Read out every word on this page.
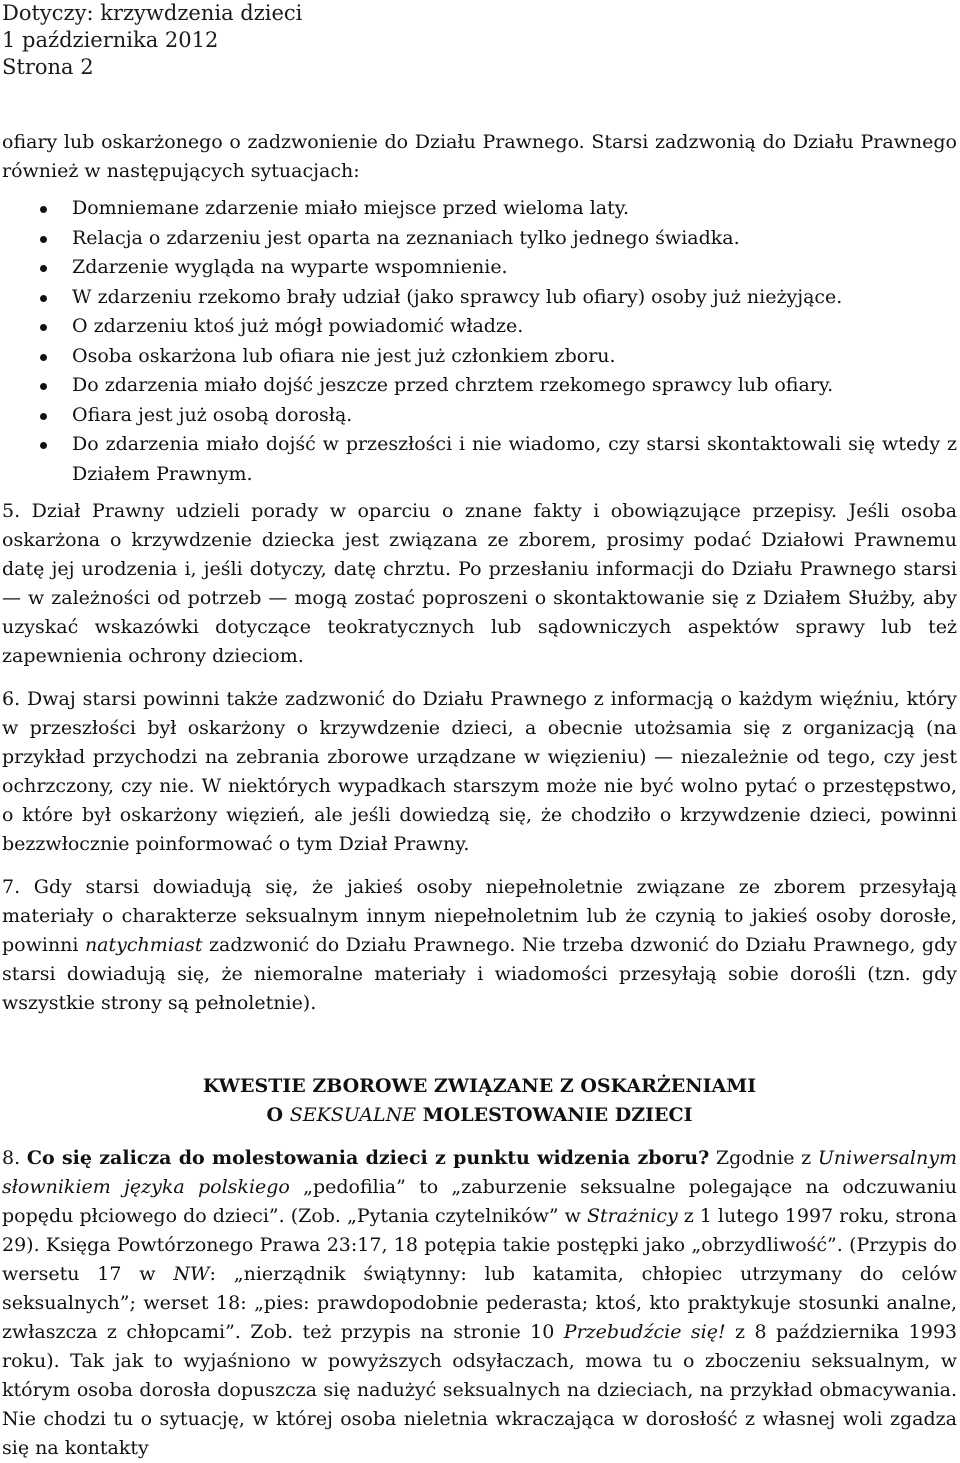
Dotyczy: krzywdzenia dzieci
1 października 2012
Strona 2

ofiary lub oskarżonego o zadzwonienie do Działu Prawnego. Starsi zadzwonią do Działu Prawnego również w następujących sytuacjach:

Domniemane zdarzenie miało miejsce przed wieloma laty.
Relacja o zdarzeniu jest oparta na zeznaniach tylko jednego świadka.
Zdarzenie wygląda na wyparte wspomnienie.
W zdarzeniu rzekomo brały udział (jako sprawcy lub ofiary) osoby już nieżyjące.
O zdarzeniu ktoś już mógł powiadomić władze.
Osoba oskarżona lub ofiara nie jest już członkiem zboru.
Do zdarzenia miało dojść jeszcze przed chrztem rzekomego sprawcy lub ofiary.
Ofiara jest już osobą dorosłą.
Do zdarzenia miało dojść w przeszłości i nie wiadomo, czy starsi skontaktowali się wtedy z Działem Prawnym.

5. Dział Prawny udzieli porady w oparciu o znane fakty i obowiązujące przepisy. Jeśli osoba oskarżona o krzywdzenie dziecka jest związana ze zborem, prosimy podać Działowi Prawnemu datę jej urodzenia i, jeśli dotyczy, datę chrztu. Po przesłaniu informacji do Działu Prawnego starsi — w zależności od potrzeb — mogą zostać poproszeni o skontaktowanie się z Działem Służby, aby uzyskać wskazówki dotyczące teokratycznych lub sądowniczych aspektów sprawy lub też zapewnienia ochrony dzieciom.

6. Dwaj starsi powinni także zadzwonić do Działu Prawnego z informacją o każdym więźniu, który w przeszłości był oskarżony o krzywdzenie dzieci, a obecnie utożsamia się z organizacją (na przykład przychodzi na zebrania zborowe urządzane w więzieniu) — niezależnie od tego, czy jest ochrzczony, czy nie. W niektórych wypadkach starszym może nie być wolno pytać o przestępstwo, o które był oskarżony więzień, ale jeśli dowiedzą się, że chodziło o krzywdzenie dzieci, powinni bezzwłocznie poinformować o tym Dział Prawny.

7. Gdy starsi dowiadują się, że jakieś osoby niepełnoletnie związane ze zborem przesyłają materiały o charakterze seksualnym innym niepełnoletnim lub że czynią to jakieś osoby dorosłe, powinni natychmiast zadzwonić do Działu Prawnego. Nie trzeba dzwonić do Działu Prawnego, gdy starsi dowiadują się, że niemoralne materiały i wiadomości przesyłają sobie dorośli (tzn. gdy wszystkie strony są pełnoletnie).

KWESTIE ZBOROWE ZWIĄZANE Z OSKARŻENIAMI
O SEKSUALNE MOLESTOWANIE DZIECI

8. Co się zalicza do molestowania dzieci z punktu widzenia zboru? Zgodnie z Uniwersalnym słownikiem języka polskiego „pedofilia” to „zaburzenie seksualne polegające na odczuwaniu popędu płciowego do dzieci”. (Zob. „Pytania czytelników” w Strażnicy z 1 lutego 1997 roku, strona 29). Księga Powtórzonego Prawa 23:17, 18 potępia takie postępki jako „obrzydliwość”. (Przypis do wersetu 17 w NW: „nierządnik świątynny: lub katamita, chłopiec utrzymany do celów seksualnych”; werset 18: „pies: prawdopodobnie pederasta; ktoś, kto praktykuje stosunki analne, zwłaszcza z chłopcami”. Zob. też przypis na stronie 10 Przebudźcie się! z 8 października 1993 roku). Tak jak to wyjaśniono w powyższych odsyłaczach, mowa tu o zboczeniu seksualnym, w którym osoba dorosła dopuszcza się nadużyć seksualnych na dzieciach, na przykład obmacywania. Nie chodzi tu o sytuację, w której osoba nieletnia wkraczająca w dorosłość z własnej woli zgadza się na kontakty
